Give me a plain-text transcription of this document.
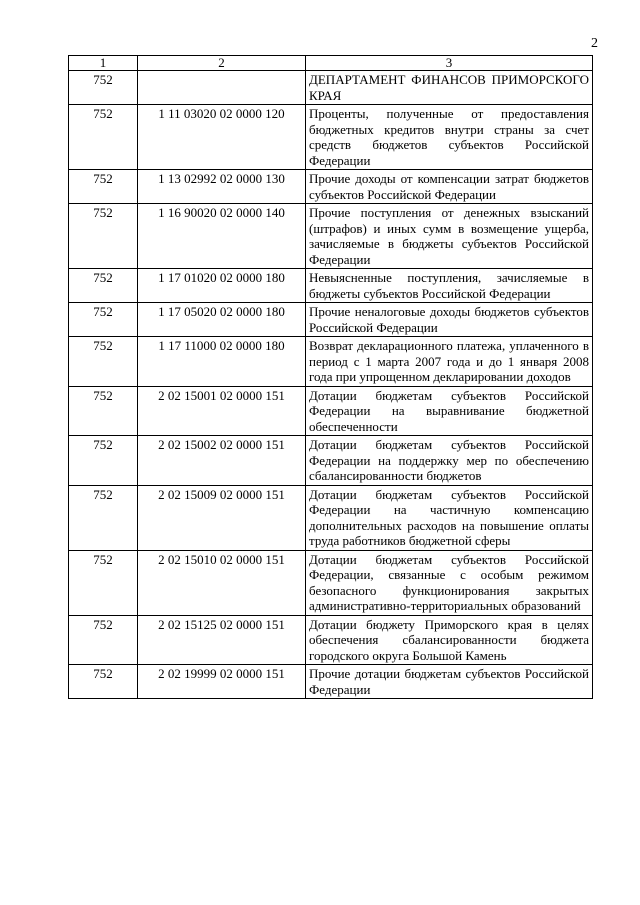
2
1	2	3
752		ДЕПАРТАМЕНТ ФИНАНСОВ ПРИМОРСКОГО КРАЯ
752	1 11 03020 02 0000 120	Проценты, полученные от предоставления бюджетных кредитов внутри страны за счет средств бюджетов субъектов Российской Федерации
752	1 13 02992 02 0000 130	Прочие доходы от компенсации затрат бюджетов субъектов Российской Федерации
752	1 16 90020 02 0000 140	Прочие поступления от денежных взысканий (штрафов) и иных сумм в возмещение ущерба, зачисляемые в бюджеты субъектов Российской Федерации
752	1 17 01020 02 0000 180	Невыясненные поступления, зачисляемые в бюджеты субъектов Российской Федерации
752	1 17 05020 02 0000 180	Прочие неналоговые доходы бюджетов субъектов Российской Федерации
752	1 17 11000 02 0000 180	Возврат декларационного платежа, уплаченного в период с 1 марта 2007 года и до 1 января 2008 года при упрощенном декларировании доходов
752	2 02 15001 02 0000 151	Дотации бюджетам субъектов Российской Федерации на выравнивание бюджетной обеспеченности
752	2 02 15002 02 0000 151	Дотации бюджетам субъектов Российской Федерации на поддержку мер по обеспечению сбалансированности бюджетов
752	2 02 15009 02 0000 151	Дотации бюджетам субъектов Российской Федерации на частичную компенсацию дополнительных расходов на повышение оплаты труда работников бюджетной сферы
752	2 02 15010 02 0000 151	Дотации бюджетам субъектов Российской Федерации, связанные с особым режимом безопасного функционирования закрытых административно-территориальных образований
752	2 02 15125 02 0000 151	Дотации бюджету Приморского края в целях обеспечения сбалансированности бюджета городского округа Большой Камень
752	2 02 19999 02 0000 151	Прочие дотации бюджетам субъектов Российской Федерации
